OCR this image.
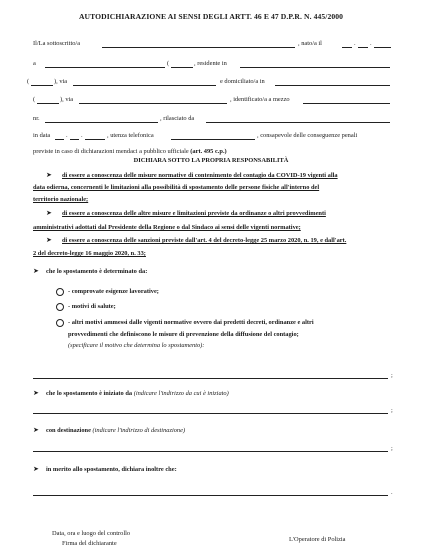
AUTODICHIARAZIONE AI SENSI DEGLI ARTT. 46 E 47 D.P.R. N. 445/2000
Il/La sottoscritto/a	, nato/a il	. .
a	(	, residente in
(	), via	e domiciliato/a in
(	), via	, identificato/a a mezzo
nr.	, rilasciato da
in data . .	, utenza telefonica	, consapevole delle conseguenze penali
previste in caso di dichiarazioni mendaci a pubblico ufficiale (art. 495 c.p.)
DICHIARA SOTTO LA PROPRIA RESPONSABILITÀ
➤ di essere a conoscenza delle misure normative di contenimento del contagio da COVID-19 vigenti alla
data odierna, concernenti le limitazioni alla possibilità di spostamento delle persone fisiche all'interno del
territorio nazionale;
➤ di essere a conoscenza delle altre misure e limitazioni previste da ordinanze o altri provvedimenti
amministrativi adottati dal Presidente della Regione o dal Sindaco ai sensi delle vigenti normative;
➤ di essere a conoscenza delle sanzioni previste dall'art. 4 del decreto-legge 25 marzo 2020, n. 19, e dall'art.
2 del decreto-legge 16 maggio 2020, n. 33;
➤ che lo spostamento è determinato da:
- comprovate esigenze lavorative;
- motivi di salute;
- altri motivi ammessi dalle vigenti normative ovvero dai predetti decreti, ordinanze e altri
provvedimenti che definiscono le misure di prevenzione della diffusione del contagio;
(specificare il motivo che determina lo spostamento):
;
➤ che lo spostamento è iniziato da (indicare l'indirizzo da cui è iniziato)
;
➤ con destinazione (indicare l'indirizzo di destinazione)
;
➤ in merito allo spostamento, dichiara inoltre che:
.
Data, ora e luogo del controllo
Firma del dichiarante
L'Operatore di Polizia
